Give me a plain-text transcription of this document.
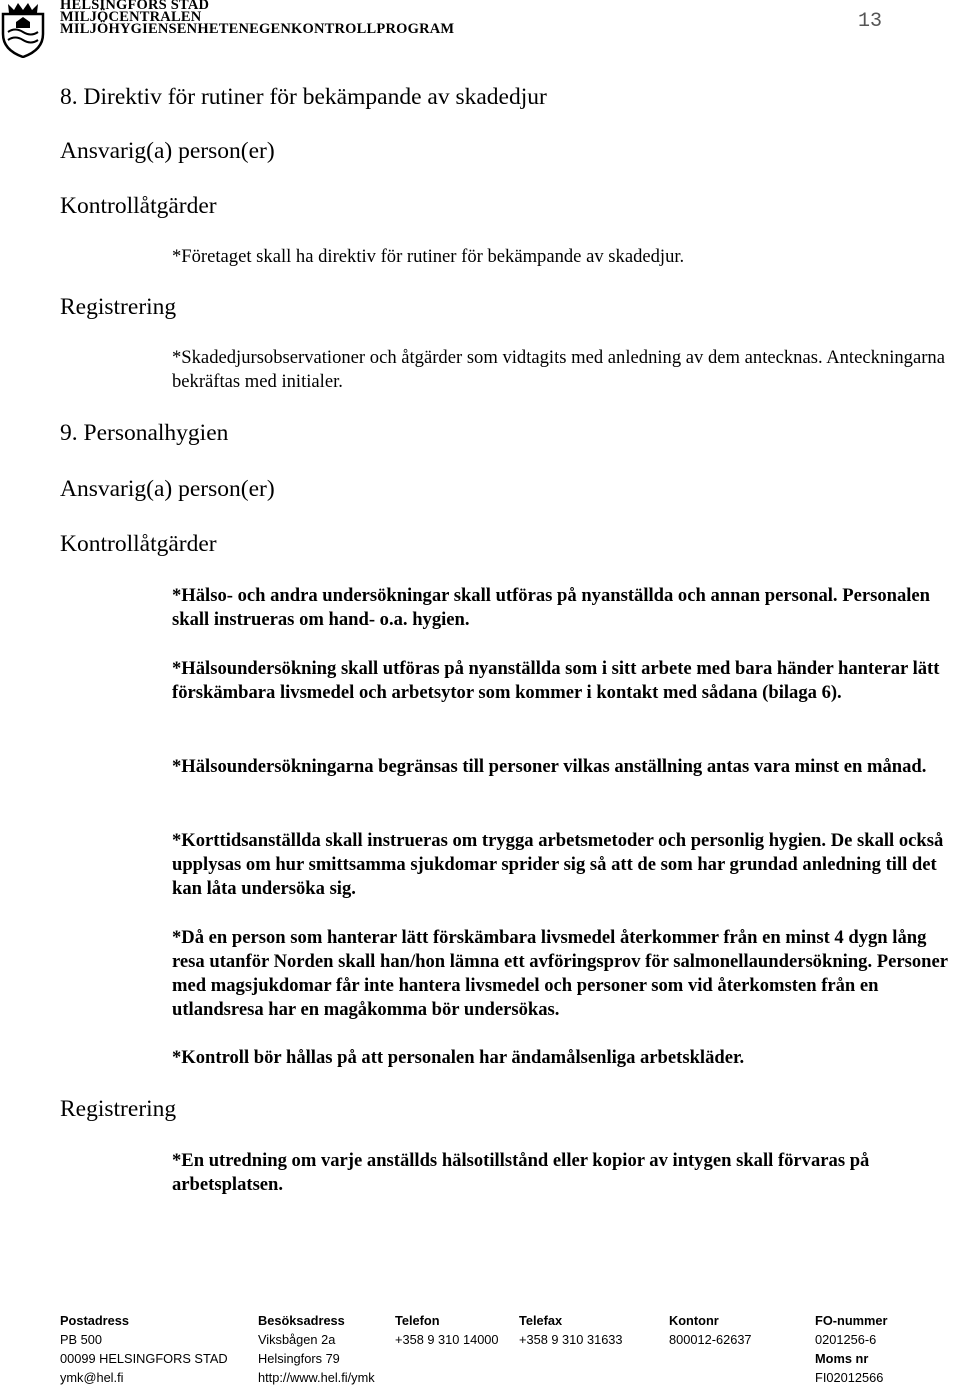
HELSINGFORS STAD
MILJÖCENTRALEN
MILJÖHYGIENSENHETENEGENKONTROLLPROGRAM	13
8. Direktiv för rutiner för bekämpande av skadedjur
Ansvarig(a) person(er)
Kontrollåtgärder
*Företaget skall ha direktiv för rutiner för bekämpande av skadedjur.
Registrering
*Skadedjursobservationer och åtgärder som vidtagits med anledning av dem antecknas. Anteckningarna bekräftas med initialer.
9. Personalhygien
Ansvarig(a) person(er)
Kontrollåtgärder
*Hälso- och andra undersökningar skall utföras på nyanställda och annan personal. Personalen skall instrueras om hand- o.a. hygien.
*Hälsoundersökning skall utföras på nyanställda som i sitt arbete med bara händer hanterar lätt förskämbara livsmedel och arbetsytor som kommer i kontakt med sådana (bilaga 6).
*Hälsoundersökningarna begränsas till personer vilkas anställning antas vara minst en månad.
*Korttidsanställda skall instrueras om trygga arbetsmetoder och personlig hygien. De skall också upplysas om hur smittsamma sjukdomar sprider sig så att de som har grundad anledning till det kan låta undersöka sig.
*Då en person som hanterar lätt förskämbara livsmedel återkommer från en minst 4 dygn lång resa utanför Norden skall han/hon lämna ett avföringsprov för salmonellaundersökning. Personer med magsjukdomar får inte hantera livsmedel och personer som vid återkomsten från en utlandsresa har en magåkomma bör undersökas.
*Kontroll bör hållas på att personalen har ändamålsenliga arbetskläder.
Registrering
*En utredning om varje anställds hälsotillstånd eller kopior av intygen skall förvaras på arbetsplatsen.
Postadress
PB 500
00099 HELSINGFORS STAD
ymk@hel.fi
Besöksadress
Viksbågen 2a
Helsingfors 79
http://www.hel.fi/ymk
Telefon
+358 9 310 14000
Telefax
+358 9 310 31633
Kontonr
800012-62637
FO-nummer
0201256-6
Moms nr
FI02012566
